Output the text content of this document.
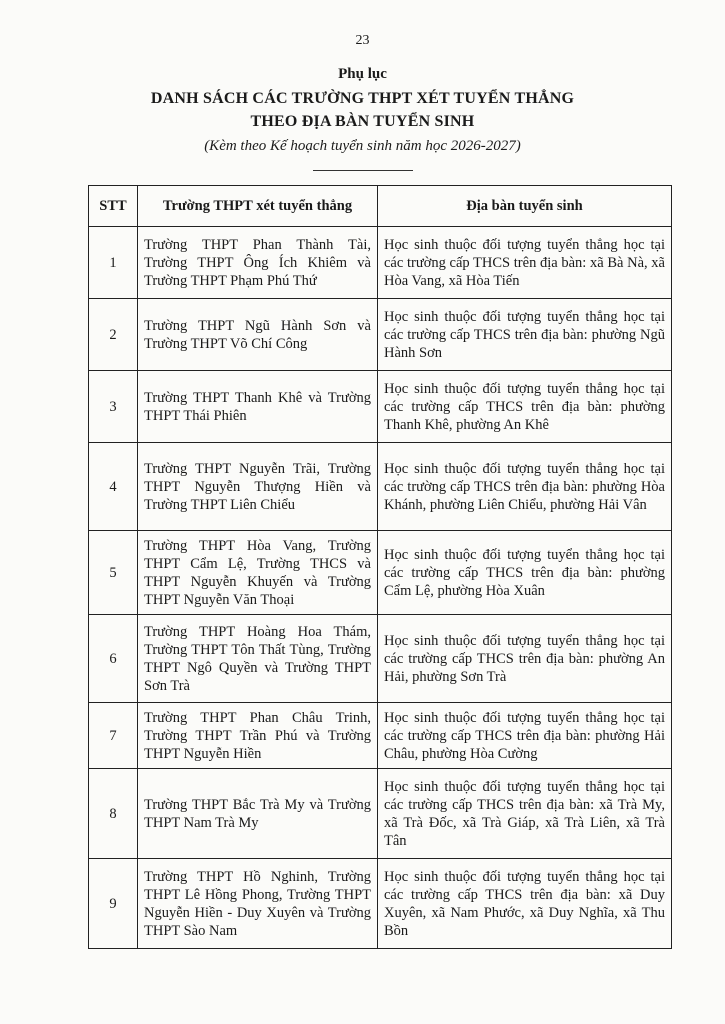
23
Phụ lục
DANH SÁCH CÁC TRƯỜNG THPT XÉT TUYỂN THẲNG
THEO ĐỊA BÀN TUYỂN SINH
(Kèm theo Kế hoạch tuyển sinh năm học 2026-2027)
STT	Trường THPT xét tuyển thẳng	Địa bàn tuyển sinh
1	Trường THPT Phan Thành Tài, Trường THPT Ông Ích Khiêm và Trường THPT Phạm Phú Thứ	Học sinh thuộc đối tượng tuyển thẳng học tại các trường cấp THCS trên địa bàn: xã Bà Nà, xã Hòa Vang, xã Hòa Tiến
2	Trường THPT Ngũ Hành Sơn và Trường THPT Võ Chí Công	Học sinh thuộc đối tượng tuyển thẳng học tại các trường cấp THCS trên địa bàn: phường Ngũ Hành Sơn
3	Trường THPT Thanh Khê và Trường THPT Thái Phiên	Học sinh thuộc đối tượng tuyển thẳng học tại các trường cấp THCS trên địa bàn: phường Thanh Khê, phường An Khê
4	Trường THPT Nguyễn Trãi, Trường THPT Nguyễn Thượng Hiền và Trường THPT Liên Chiểu	Học sinh thuộc đối tượng tuyển thẳng học tại các trường cấp THCS trên địa bàn: phường Hòa Khánh, phường Liên Chiểu, phường Hải Vân
5	Trường THPT Hòa Vang, Trường THPT Cẩm Lệ, Trường THCS và THPT Nguyễn Khuyến và Trường THPT Nguyễn Văn Thoại	Học sinh thuộc đối tượng tuyển thẳng học tại các trường cấp THCS trên địa bàn: phường Cẩm Lệ, phường Hòa Xuân
6	Trường THPT Hoàng Hoa Thám, Trường THPT Tôn Thất Tùng, Trường THPT Ngô Quyền và Trường THPT Sơn Trà	Học sinh thuộc đối tượng tuyển thẳng học tại các trường cấp THCS trên địa bàn: phường An Hải, phường Sơn Trà
7	Trường THPT Phan Châu Trinh, Trường THPT Trần Phú và Trường THPT Nguyễn Hiền	Học sinh thuộc đối tượng tuyển thẳng học tại các trường cấp THCS trên địa bàn: phường Hải Châu, phường Hòa Cường
8	Trường THPT Bắc Trà My và Trường THPT Nam Trà My	Học sinh thuộc đối tượng tuyển thẳng học tại các trường cấp THCS trên địa bàn: xã Trà My, xã Trà Đốc, xã Trà Giáp, xã Trà Liên, xã Trà Tân
9	Trường THPT Hồ Nghinh, Trường THPT Lê Hồng Phong, Trường THPT Nguyễn Hiền - Duy Xuyên và Trường THPT Sào Nam	Học sinh thuộc đối tượng tuyển thẳng học tại các trường cấp THCS trên địa bàn: xã Duy Xuyên, xã Nam Phước, xã Duy Nghĩa, xã Thu Bồn
